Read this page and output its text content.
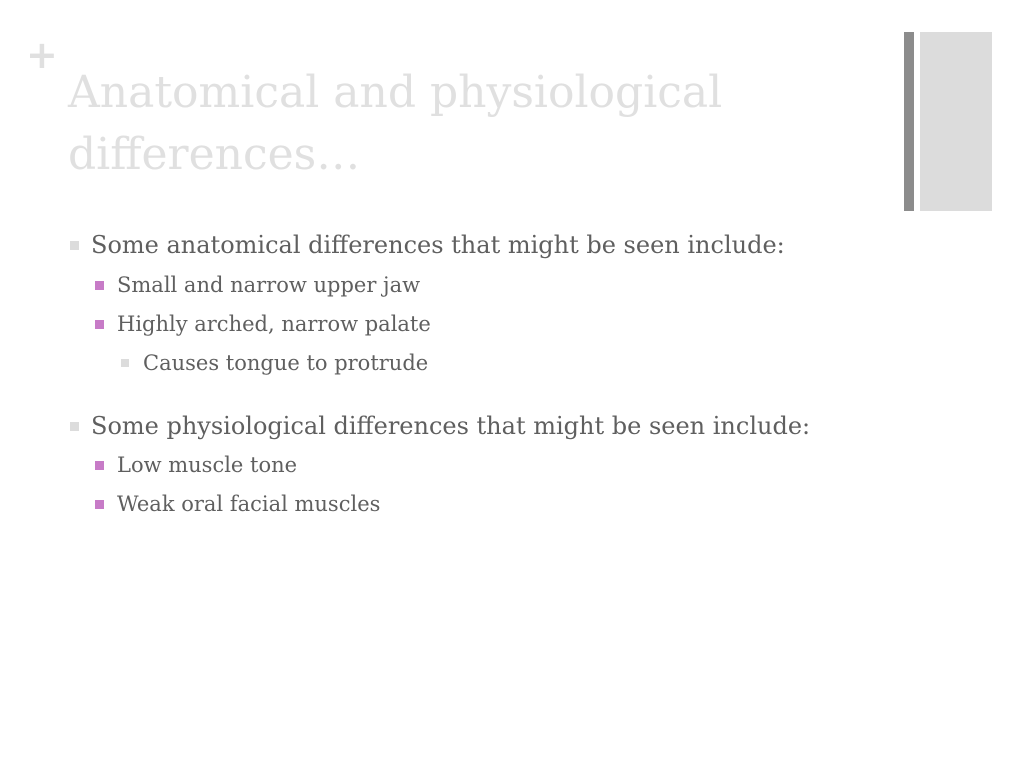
+
Anatomical and physiological differences…
Some anatomical differences that might be seen include:
Small and narrow upper jaw
Highly arched, narrow palate
Causes tongue to protrude
Some physiological differences that might be seen include:
Low muscle tone
Weak oral facial muscles
